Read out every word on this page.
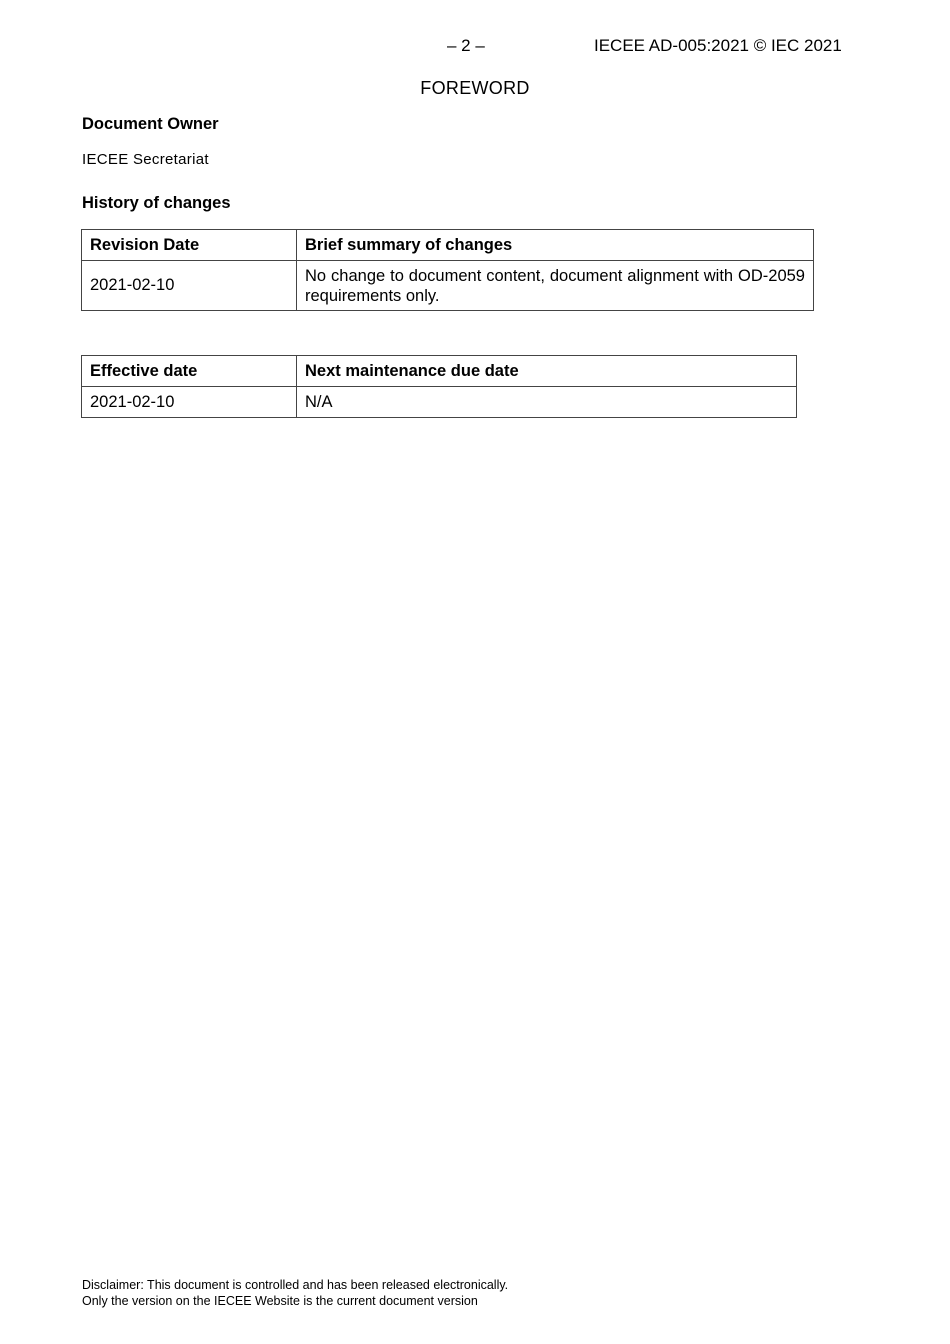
– 2 –	IECEE AD-005:2021 © IEC 2021
FOREWORD
Document Owner
IECEE Secretariat
History of changes
Revision Date	Brief summary of changes
2021-02-10	No change to document content, document alignment with OD-2059 requirements only.
Effective date	Next maintenance due date
2021-02-10	N/A
Disclaimer: This document is controlled and has been released electronically.
Only the version on the IECEE Website is the current document version
